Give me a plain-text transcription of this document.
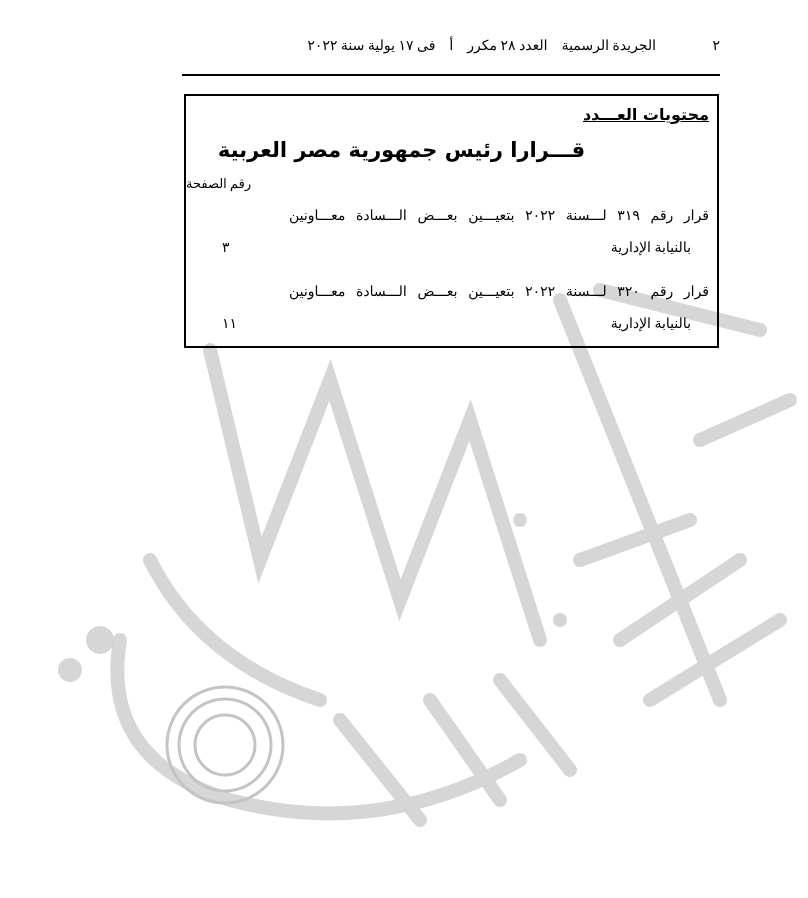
٢
الجريدة الرسمية    العدد ٢٨ مكرر    أ    فى ١٧ يولية سنة ٢٠٢٢
محتويات العـــدد
قـــرارا رئيس جمهورية مصر العربية
رقم الصفحة
قرار رقم ٣١٩ لـــسنة ٢٠٢٢ بتعيـــين بعـــض الـــسادة معـــاونين
بالنيابة الإدارية
٣
قرار رقم ٣٢٠ لـــسنة ٢٠٢٢ بتعيـــين بعـــض الـــسادة معـــاونين
بالنيابة الإدارية
١١
